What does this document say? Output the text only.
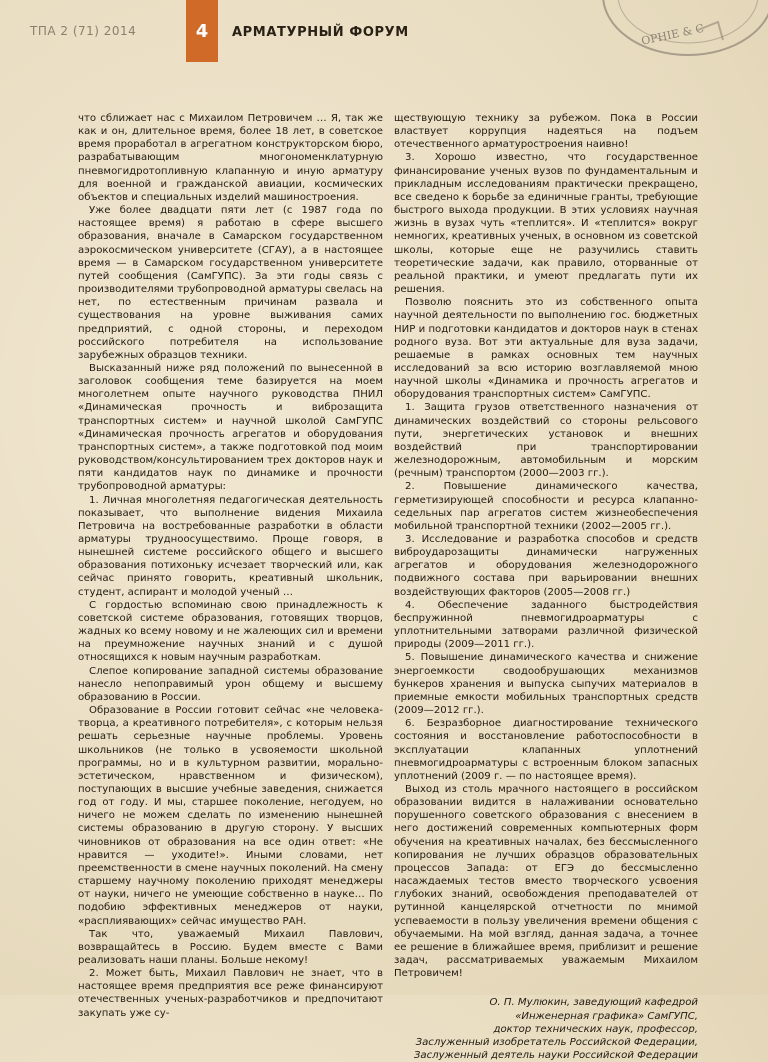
ТПА 2 (71) 2014	4	АРМАТУРНЫЙ ФОРУМ	OPHIE & C

что сближает нас с Михаилом Петровичем … Я, так же как и он, длительное время, более 18 лет, в советское время проработал в агрегатном конструкторском бюро, разрабатывающим многономенклатурную пневмогидротопливную клапанную и иную арматуру для военной и гражданской авиации, космических объектов и специальных изделий машиностроения.

Уже более двадцати пяти лет (с 1987 года по настоящее время) я работаю в сфере высшего образования, вначале в Самарском государственном аэрокосмическом университете (СГАУ), а в настоящее время — в Самарском государственном университете путей сообщения (СамГУПС). За эти годы связь с производителями трубопроводной арматуры свелась на нет, по естественным причинам развала и существования на уровне выживания самих предприятий, с одной стороны, и переходом российского потребителя на использование зарубежных образцов техники.

Высказанный ниже ряд положений по вынесенной в заголовок сообщения теме базируется на моем многолетнем опыте научного руководства ПНИЛ «Динамическая прочность и виброзащита транспортных систем» и научной школой СамГУПС «Динамическая прочность агрегатов и оборудования транспортных систем», а также подготовкой под моим руководством/консультированием трех докторов наук и пяти кандидатов наук по динамике и прочности трубопроводной арматуры:

1. Личная многолетняя педагогическая деятельность показывает, что выполнение видения Михаила Петровича на востребованные разработки в области арматуры трудноосуществимо. Проще говоря, в нынешней системе российского общего и высшего образования потихоньку исчезает творческий или, как сейчас принято говорить, креативный школьник, студент, аспирант и молодой ученый …

С гордостью вспоминаю свою принадлежность к советской системе образования, готовящих творцов, жадных ко всему новому и не жалеющих сил и времени на преумножение научных знаний и с душой относящихся к новым научным разработкам.

Слепое копирование западной системы образование нанесло непоправимый урон общему и высшему образованию в России.

Образование в России готовит сейчас «не человека-творца, а креативного потребителя», с которым нельзя решать серьезные научные проблемы. Уровень школьников (не только в усвояемости школьной программы, но и в культурном развитии, морально-эстетическом, нравственном и физическом), поступающих в высшие учебные заведения, снижается год от году. И мы, старшее поколение, негодуем, но ничего не можем сделать по изменению нынешней системы образованию в другую сторону. У высших чиновников от образования на все один ответ: «Не нравится — уходите!». Иными словами, нет преемственности в смене научных поколений. На смену старшему научному поколению приходят менеджеры от науки, ничего не умеющие собственно в науке… По подобию эффективных менеджеров от науки, «расплиявающих» сейчас имущество РАН.

Так что, уважаемый Михаил Павлович, возвращайтесь в Россию. Будем вместе с Вами реализовать наши планы. Больше некому!

2. Может быть, Михаил Павлович не знает, что в настоящее время предприятия все реже финансируют отечественных ученых-разработчиков и предпочитают закупать уже су-

ществующую технику за рубежом. Пока в России властвует коррупция надеяться на подъем отечественного арматуростроения наивно!

3. Хорошо известно, что государственное финансирование ученых вузов по фундаментальным и прикладным исследованиям практически прекращено, все сведено к борьбе за единичные гранты, требующие быстрого выхода продукции. В этих условиях научная жизнь в вузах чуть «теплится». И «теплится» вокруг немногих, креативных ученых, в основном из советской школы, которые еще не разучились ставить теоретические задачи, как правило, оторванные от реальной практики, и умеют предлагать пути их решения.

Позволю пояснить это из собственного опыта научной деятельности по выполнению гос. бюджетных НИР и подготовки кандидатов и докторов наук в стенах родного вуза. Вот эти актуальные для вуза задачи, решаемые в рамках основных тем научных исследований за всю историю возглавляемой мною научной школы «Динамика и прочность агрегатов и оборудования транспортных систем» СамГУПС.

1. Защита грузов ответственного назначения от динамических воздействий со стороны рельсового пути, энергетических установок и внешних воздействий при транспортировании железнодорожным, автомобильным и морским (речным) транспортом (2000—2003 гг.).

2. Повышение динамического качества, герметизирующей способности и ресурса клапанно-седельных пар агрегатов систем жизнеобеспечения мобильной транспортной техники (2002—2005 гг.).

3. Исследование и разработка способов и средств виброударозащиты динамически нагруженных агрегатов и оборудования железнодорожного подвижного состава при варьировании внешних воздействующих факторов (2005—2008 гг.)

4. Обеспечение заданного быстродействия беспружинной пневмогидроарматуры с уплотнительными затворами различной физической природы (2009—2011 гг.).

5. Повышение динамического качества и снижение энергоемкости сводообрушающих механизмов бункеров хранения и выпуска сыпучих материалов в приемные емкости мобильных транспортных средств (2009—2012 гг.).

6. Безразборное диагностирование технического состояния и восстановление работоспособности в эксплуатации клапанных уплотнений пневмогидроарматуры с встроенным блоком запасных уплотнений (2009 г. — по настоящее время).

Выход из столь мрачного настоящего в российском образовании видится в налаживании основательно порушенного советского образования с внесением в него достижений современных компьютерных форм обучения на креативных началах, без бессмысленного копирования не лучших образцов образовательных процессов Запада: от ЕГЭ до бессмысленно насаждаемых тестов вместо творческого усвоения глубоких знаний, освобождения преподавателей от рутинной канцелярской отчетности по мнимой успеваемости в пользу увеличения времени общения с обучаемыми. На мой взгляд, данная задача, а точнее ее решение в ближайшее время, приблизит и решение задач, рассматриваемых уважаемым Михаилом Петровичем!

О. П. Мулюкин, заведующий кафедрой
«Инженерная графика» СамГУПС,
доктор технических наук, профессор,
Заслуженный изобретатель Российской Федерации,
Заслуженный деятель науки Российской Федерации
